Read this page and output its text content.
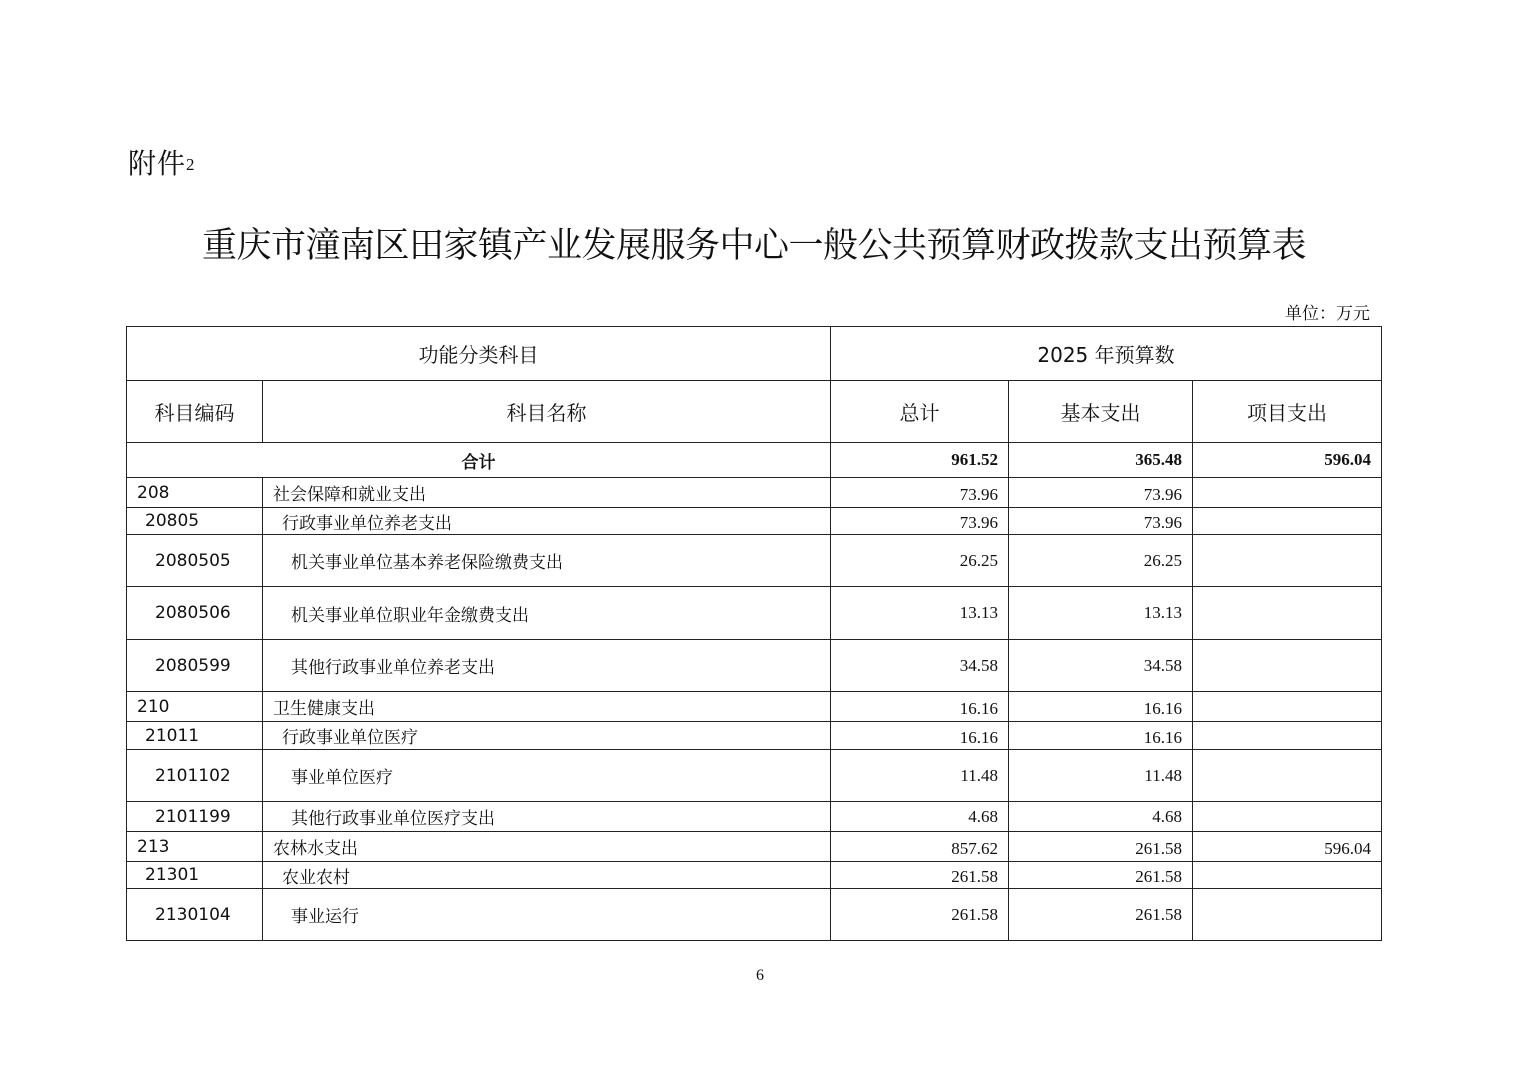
附件2
重庆市潼南区田家镇产业发展服务中心一般公共预算财政拨款支出预算表
单位：万元
功能分类科目		2025 年预算数		
科目编码	科目名称	总计	基本支出	项目支出
合计		961.52	365.48	596.04
208	社会保障和就业支出	73.96	73.96	
20805	行政事业单位养老支出	73.96	73.96	
2080505	机关事业单位基本养老保险缴费支出	26.25	26.25	
2080506	机关事业单位职业年金缴费支出	13.13	13.13	
2080599	其他行政事业单位养老支出	34.58	34.58	
210	卫生健康支出	16.16	16.16	
21011	行政事业单位医疗	16.16	16.16	
2101102	事业单位医疗	11.48	11.48	
2101199	其他行政事业单位医疗支出	4.68	4.68	
213	农林水支出	857.62	261.58	596.04
21301	农业农村	261.58	261.58	
2130104	事业运行	261.58	261.58	
6
